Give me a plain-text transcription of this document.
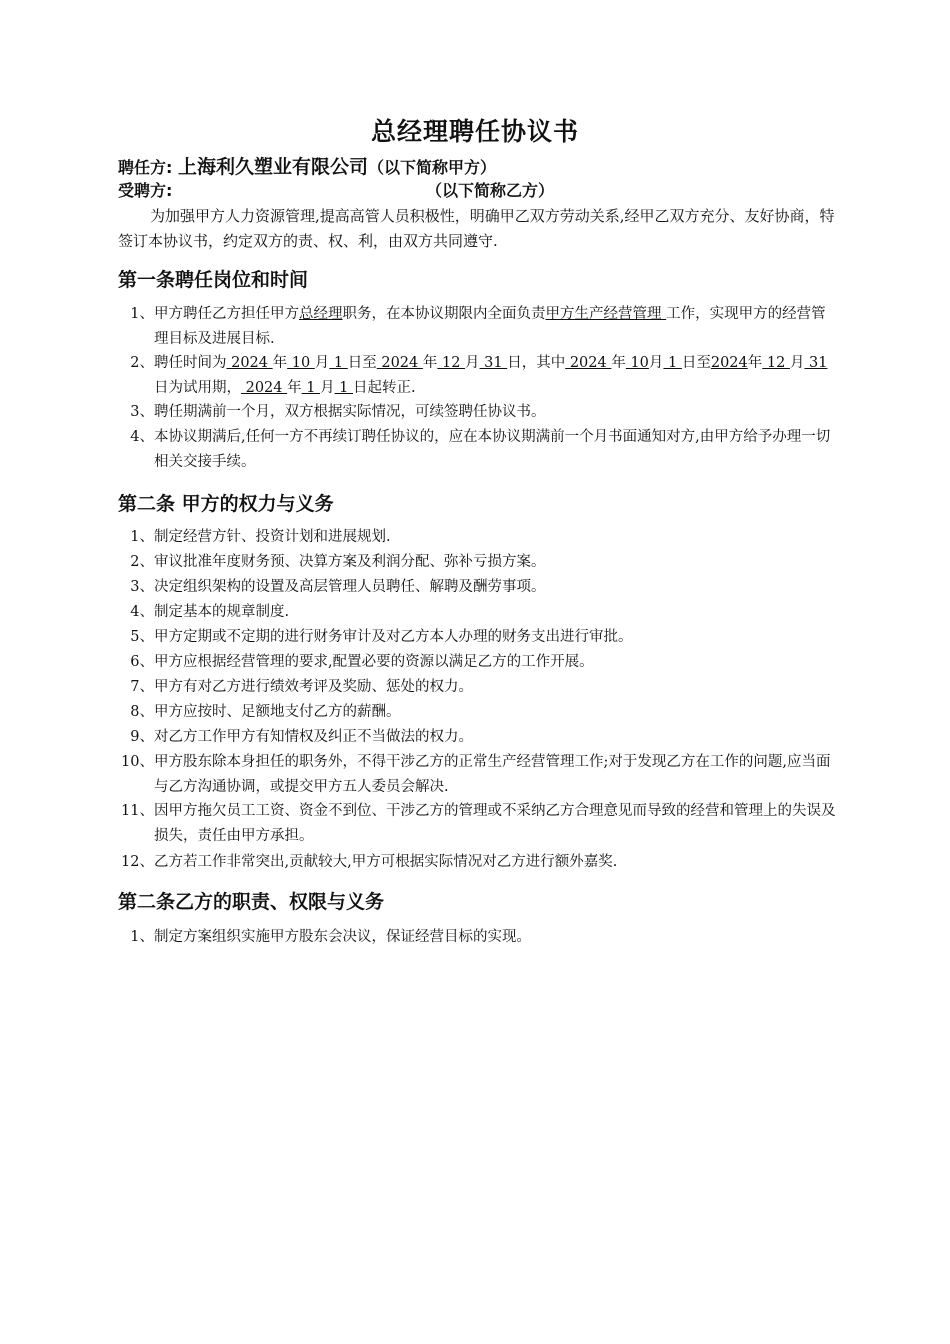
总经理聘任协议书
聘任方: 上海利久塑业有限公司（以下简称甲方）
受聘方:	（以下简称乙方）

为加强甲方人力资源管理,提高高管人员积极性，明确甲乙双方劳动关系,经甲乙双方充分、友好协商，特签订本协议书，约定双方的责、权、利，由双方共同遵守.

第一条聘任岗位和时间
1、 甲方聘任乙方担任甲方总经理职务，在本协议期限内全面负责甲方生产经营管理 工作，实现甲方的经营管理目标及进展目标.
2、 聘任时间为 2024 年 10 月 1 日至 2024 年 12 月 31 日，其中 2024 年 10月 1 日至2024年 12 月 31 日为试用期， 2024 年 1 月 1 日起转正.
3、 聘任期满前一个月，双方根据实际情况，可续签聘任协议书。
4、 本协议期满后,任何一方不再续订聘任协议的，应在本协议期满前一个月书面通知对方,由甲方给予办理一切相关交接手续。
第二条 甲方的权力与义务
1、 制定经营方针、投资计划和进展规划.
2、 审议批准年度财务预、决算方案及利润分配、弥补亏损方案。
3、 决定组织架构的设置及高层管理人员聘任、解聘及酬劳事项。
4、 制定基本的规章制度.
5、 甲方定期或不定期的进行财务审计及对乙方本人办理的财务支出进行审批。
6、 甲方应根据经营管理的要求,配置必要的资源以满足乙方的工作开展。
7、 甲方有对乙方进行绩效考评及奖励、惩处的权力。
8、 甲方应按时、足额地支付乙方的薪酬。
9、 对乙方工作甲方有知情权及纠正不当做法的权力。
10、 甲方股东除本身担任的职务外，不得干涉乙方的正常生产经营管理工作;对于发现乙方在工作的问题,应当面与乙方沟通协调，或提交甲方五人委员会解决.
11、 因甲方拖欠员工工资、资金不到位、干涉乙方的管理或不采纳乙方合理意见而导致的经营和管理上的失误及损失，责任由甲方承担。
12、 乙方若工作非常突出,贡献较大,甲方可根据实际情况对乙方进行额外嘉奖.
第二条乙方的职责、权限与义务
1、 制定方案组织实施甲方股东会决议，保证经营目标的实现。
